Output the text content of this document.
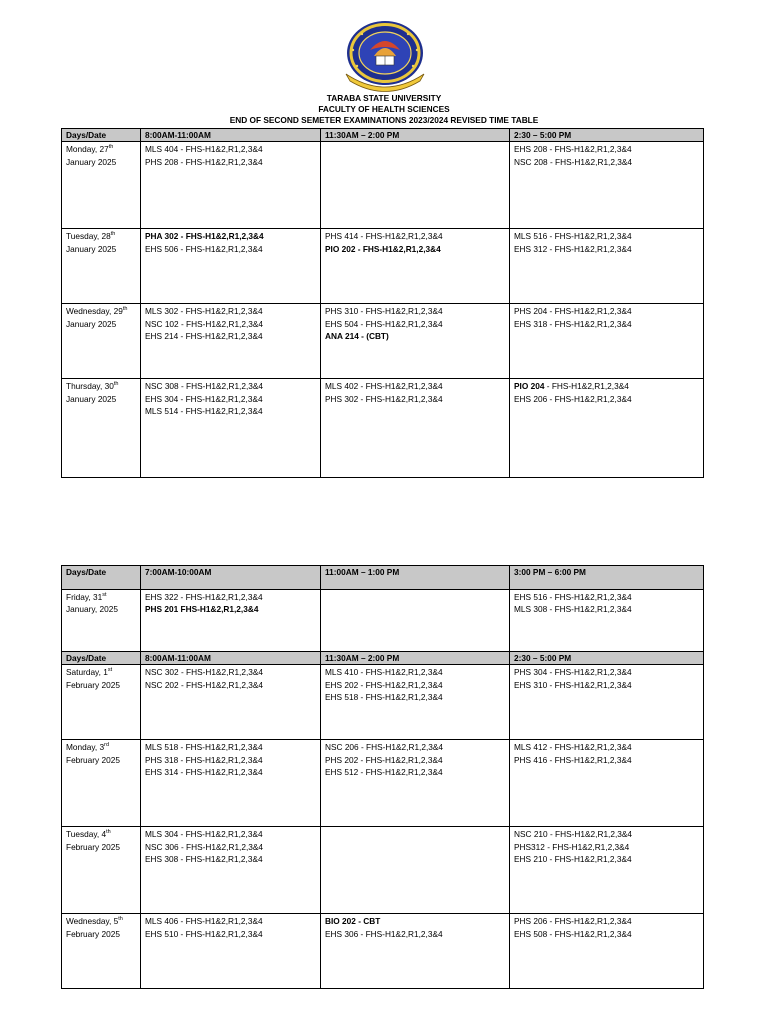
TARABA STATE UNIVERSITY
FACULTY OF HEALTH SCIENCES
END OF SECOND SEMETER EXAMINATIONS 2023/2024 REVISED TIME TABLE
Days/Date	8:00AM-11:00AM	11:30AM – 2:00 PM	2:30 – 5:00 PM

Monday, 27th
January 2025	MLS 404 - FHS-H1&2,R1,2,3&4
PHS 208 - FHS-H1&2,R1,2,3&4		EHS 208 - FHS-H1&2,R1,2,3&4
NSC 208 - FHS-H1&2,R1,2,3&4

Tuesday, 28th
January 2025	PHA 302 - FHS-H1&2,R1,2,3&4
EHS 506 - FHS-H1&2,R1,2,3&4	PHS 414 - FHS-H1&2,R1,2,3&4
PIO 202 - FHS-H1&2,R1,2,3&4	MLS 516 - FHS-H1&2,R1,2,3&4
EHS 312 - FHS-H1&2,R1,2,3&4

Wednesday, 29th
January 2025	MLS 302 - FHS-H1&2,R1,2,3&4
NSC 102 - FHS-H1&2,R1,2,3&4
EHS 214 - FHS-H1&2,R1,2,3&4	PHS 310 - FHS-H1&2,R1,2,3&4
EHS 504 - FHS-H1&2,R1,2,3&4
ANA 214 - (CBT)	PHS 204 - FHS-H1&2,R1,2,3&4
EHS 318 - FHS-H1&2,R1,2,3&4

Thursday, 30th
January 2025	NSC 308 - FHS-H1&2,R1,2,3&4
EHS 304 - FHS-H1&2,R1,2,3&4
MLS 514 - FHS-H1&2,R1,2,3&4	MLS 402 - FHS-H1&2,R1,2,3&4
PHS 302 - FHS-H1&2,R1,2,3&4	PIO 204 - FHS-H1&2,R1,2,3&4
EHS 206 - FHS-H1&2,R1,2,3&4
Days/Date	7:00AM-10:00AM	11:00AM – 1:00 PM	3:00 PM – 6:00 PM

Friday, 31st
January, 2025	EHS 322 - FHS-H1&2,R1,2,3&4
PHS 201 FHS-H1&2,R1,2,3&4		EHS 516 - FHS-H1&2,R1,2,3&4
MLS 308 - FHS-H1&2,R1,2,3&4

Days/Date	8:00AM-11:00AM	11:30AM – 2:00 PM	2:30 – 5:00 PM

Saturday, 1st
February 2025	NSC 302 - FHS-H1&2,R1,2,3&4
NSC 202 - FHS-H1&2,R1,2,3&4	MLS 410 - FHS-H1&2,R1,2,3&4
EHS 202 - FHS-H1&2,R1,2,3&4
EHS 518 - FHS-H1&2,R1,2,3&4	PHS 304 - FHS-H1&2,R1,2,3&4
EHS 310 - FHS-H1&2,R1,2,3&4

Monday, 3rd
February 2025	MLS 518 - FHS-H1&2,R1,2,3&4
PHS 318 - FHS-H1&2,R1,2,3&4
EHS 314 - FHS-H1&2,R1,2,3&4	NSC 206 - FHS-H1&2,R1,2,3&4
PHS 202 - FHS-H1&2,R1,2,3&4
EHS 512 - FHS-H1&2,R1,2,3&4	MLS 412 - FHS-H1&2,R1,2,3&4
PHS 416 - FHS-H1&2,R1,2,3&4

Tuesday, 4th
February 2025	MLS 304 - FHS-H1&2,R1,2,3&4
NSC 306 - FHS-H1&2,R1,2,3&4
EHS 308 - FHS-H1&2,R1,2,3&4		NSC 210 - FHS-H1&2,R1,2,3&4
PHS312 - FHS-H1&2,R1,2,3&4
EHS 210 - FHS-H1&2,R1,2,3&4

Wednesday, 5th
February 2025	MLS 406 - FHS-H1&2,R1,2,3&4
EHS 510 - FHS-H1&2,R1,2,3&4	BIO 202 - CBT
EHS 306 - FHS-H1&2,R1,2,3&4	PHS 206 - FHS-H1&2,R1,2,3&4
EHS 508 - FHS-H1&2,R1,2,3&4
